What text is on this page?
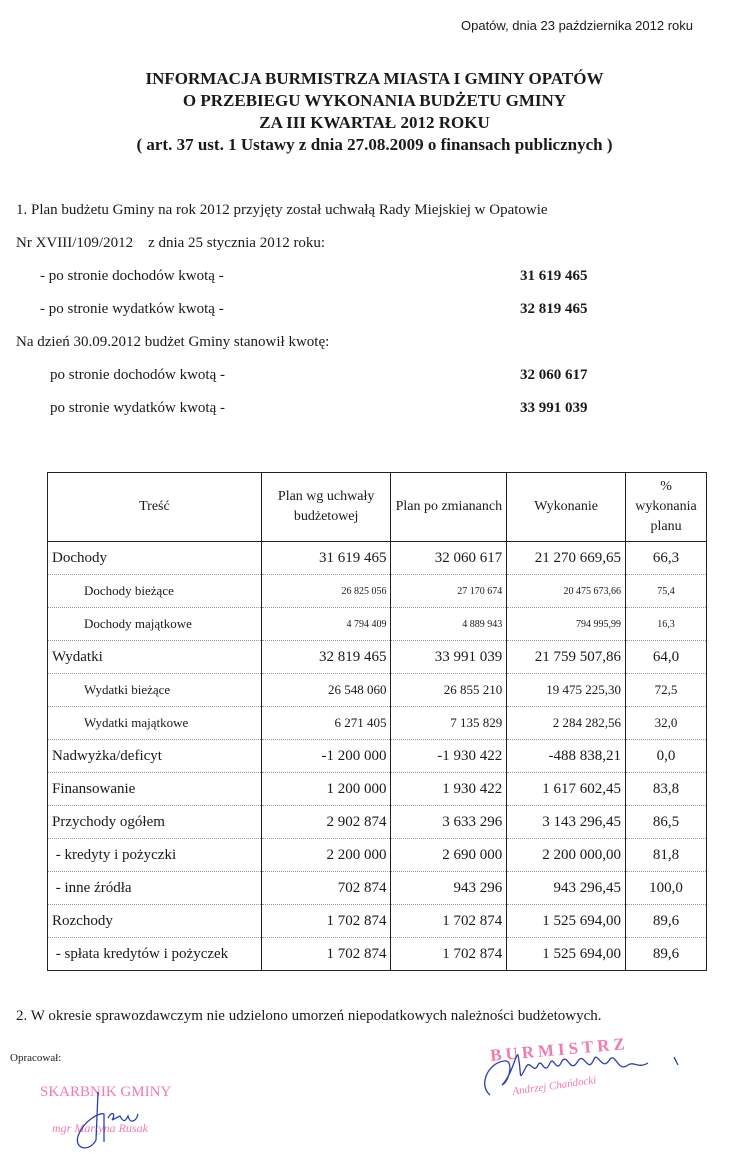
Opatów, dnia 23 października 2012 roku
INFORMACJA BURMISTRZA MIASTA I GMINY OPATÓW
O PRZEBIEGU WYKONANIA BUDŻETU GMINY
ZA III KWARTAŁ 2012 ROKU
( art. 37 ust. 1 Ustawy z dnia 27.08.2009 o finansach publicznych )
1. Plan budżetu Gminy na rok 2012 przyjęty został uchwałą Rady Miejskiej w Opatowie
Nr XVIII/109/2012    z dnia 25 stycznia 2012 roku:
- po stronie dochodów kwotą -	31 619 465
- po stronie wydatków kwotą -	32 819 465
Na dzień 30.09.2012 budżet Gminy stanowił kwotę:
po stronie dochodów kwotą -	32 060 617
po stronie wydatków kwotą -	33 991 039
Treść	Plan wg uchwały budżetowej	Plan po zmiananch	Wykonanie	% wykonania planu
Dochody	31 619 465	32 060 617	21 270 669,65	66,3
Dochody bieżące	26 825 056	27 170 674	20 475 673,66	75,4
Dochody majątkowe	4 794 409	4 889 943	794 995,99	16,3
Wydatki	32 819 465	33 991 039	21 759 507,86	64,0
Wydatki bieżące	26 548 060	26 855 210	19 475 225,30	72,5
Wydatki majątkowe	6 271 405	7 135 829	2 284 282,56	32,0
Nadwyżka/deficyt	-1 200 000	-1 930 422	-488 838,21	0,0
Finansowanie	1 200 000	1 930 422	1 617 602,45	83,8
Przychody ogółem	2 902 874	3 633 296	3 143 296,45	86,5
- kredyty i pożyczki	2 200 000	2 690 000	2 200 000,00	81,8
- inne źródła	702 874	943 296	943 296,45	100,0
Rozchody	1 702 874	1 702 874	1 525 694,00	89,6
- spłata kredytów i pożyczek	1 702 874	1 702 874	1 525 694,00	89,6
2. W okresie sprawozdawczym nie udzielono umorzeń niepodatkowych należności budżetowych.
Opracował:
SKARBNIK GMINY
mgr Martyna Rusak
BURMISTRZ
Andrzej Chańdocki
